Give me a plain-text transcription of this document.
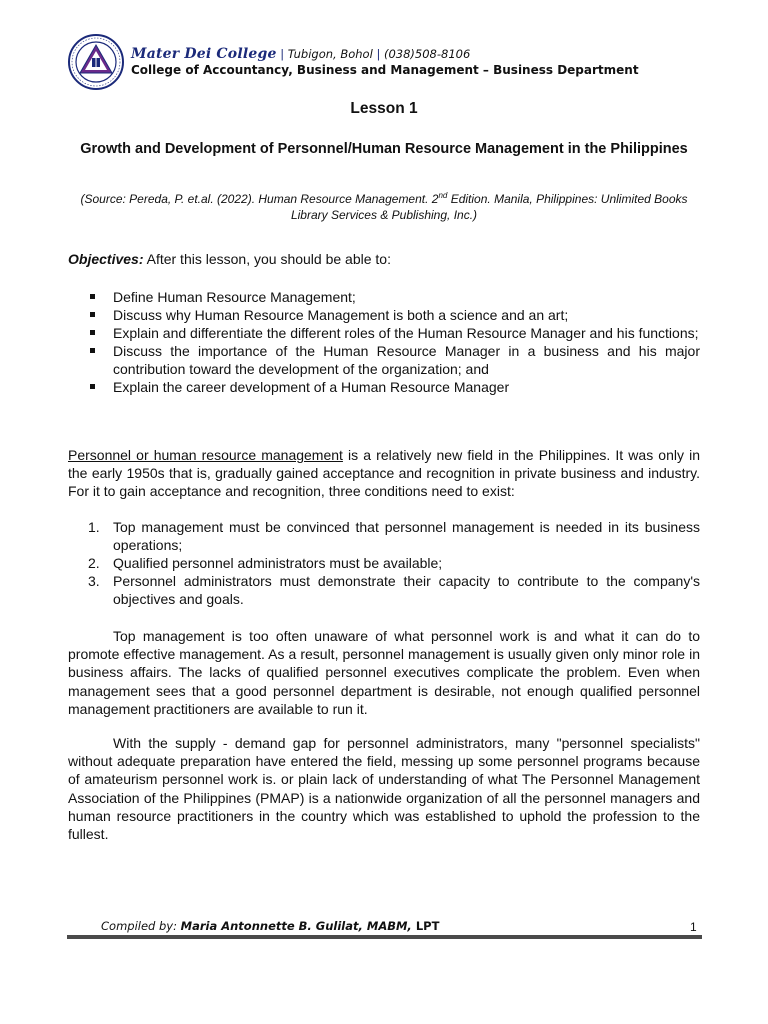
Mater Dei College | Tubigon, Bohol | (038)508-8106
College of Accountancy, Business and Management – Business Department
Lesson 1
Growth and Development of Personnel/Human Resource Management in the Philippines
(Source: Pereda, P. et.al. (2022). Human Resource Management. 2nd Edition. Manila, Philippines: Unlimited Books Library Services & Publishing, Inc.)
Objectives: After this lesson, you should be able to:
Define Human Resource Management;
Discuss why Human Resource Management is both a science and an art;
Explain and differentiate the different roles of the Human Resource Manager and his functions;
Discuss the importance of the Human Resource Manager in a business and his major contribution toward the development of the organization; and
Explain the career development of a Human Resource Manager

Personnel or human resource management is a relatively new field in the Philippines. It was only in the early 1950s that is, gradually gained acceptance and recognition in private business and industry. For it to gain acceptance and recognition, three conditions need to exist:

1. Top management must be convinced that personnel management is needed in its business operations;
2. Qualified personnel administrators must be available;
3. Personnel administrators must demonstrate their capacity to contribute to the company's objectives and goals.

Top management is too often unaware of what personnel work is and what it can do to promote effective management. As a result, personnel management is usually given only minor role in business affairs. The lacks of qualified personnel executives complicate the problem. Even when management sees that a good personnel department is desirable, not enough qualified personnel management practitioners are available to run it.

With the supply - demand gap for personnel administrators, many "personnel specialists" without adequate preparation have entered the field, messing up some personnel programs because of amateurism personnel work is. or plain lack of understanding of what The Personnel Management Association of the Philippines (PMAP) is a nationwide organization of all the personnel managers and human resource practitioners in the country which was established to uphold the profession to the fullest.

Compiled by: Maria Antonnette B. Gulilat, MABM, LPT	1
